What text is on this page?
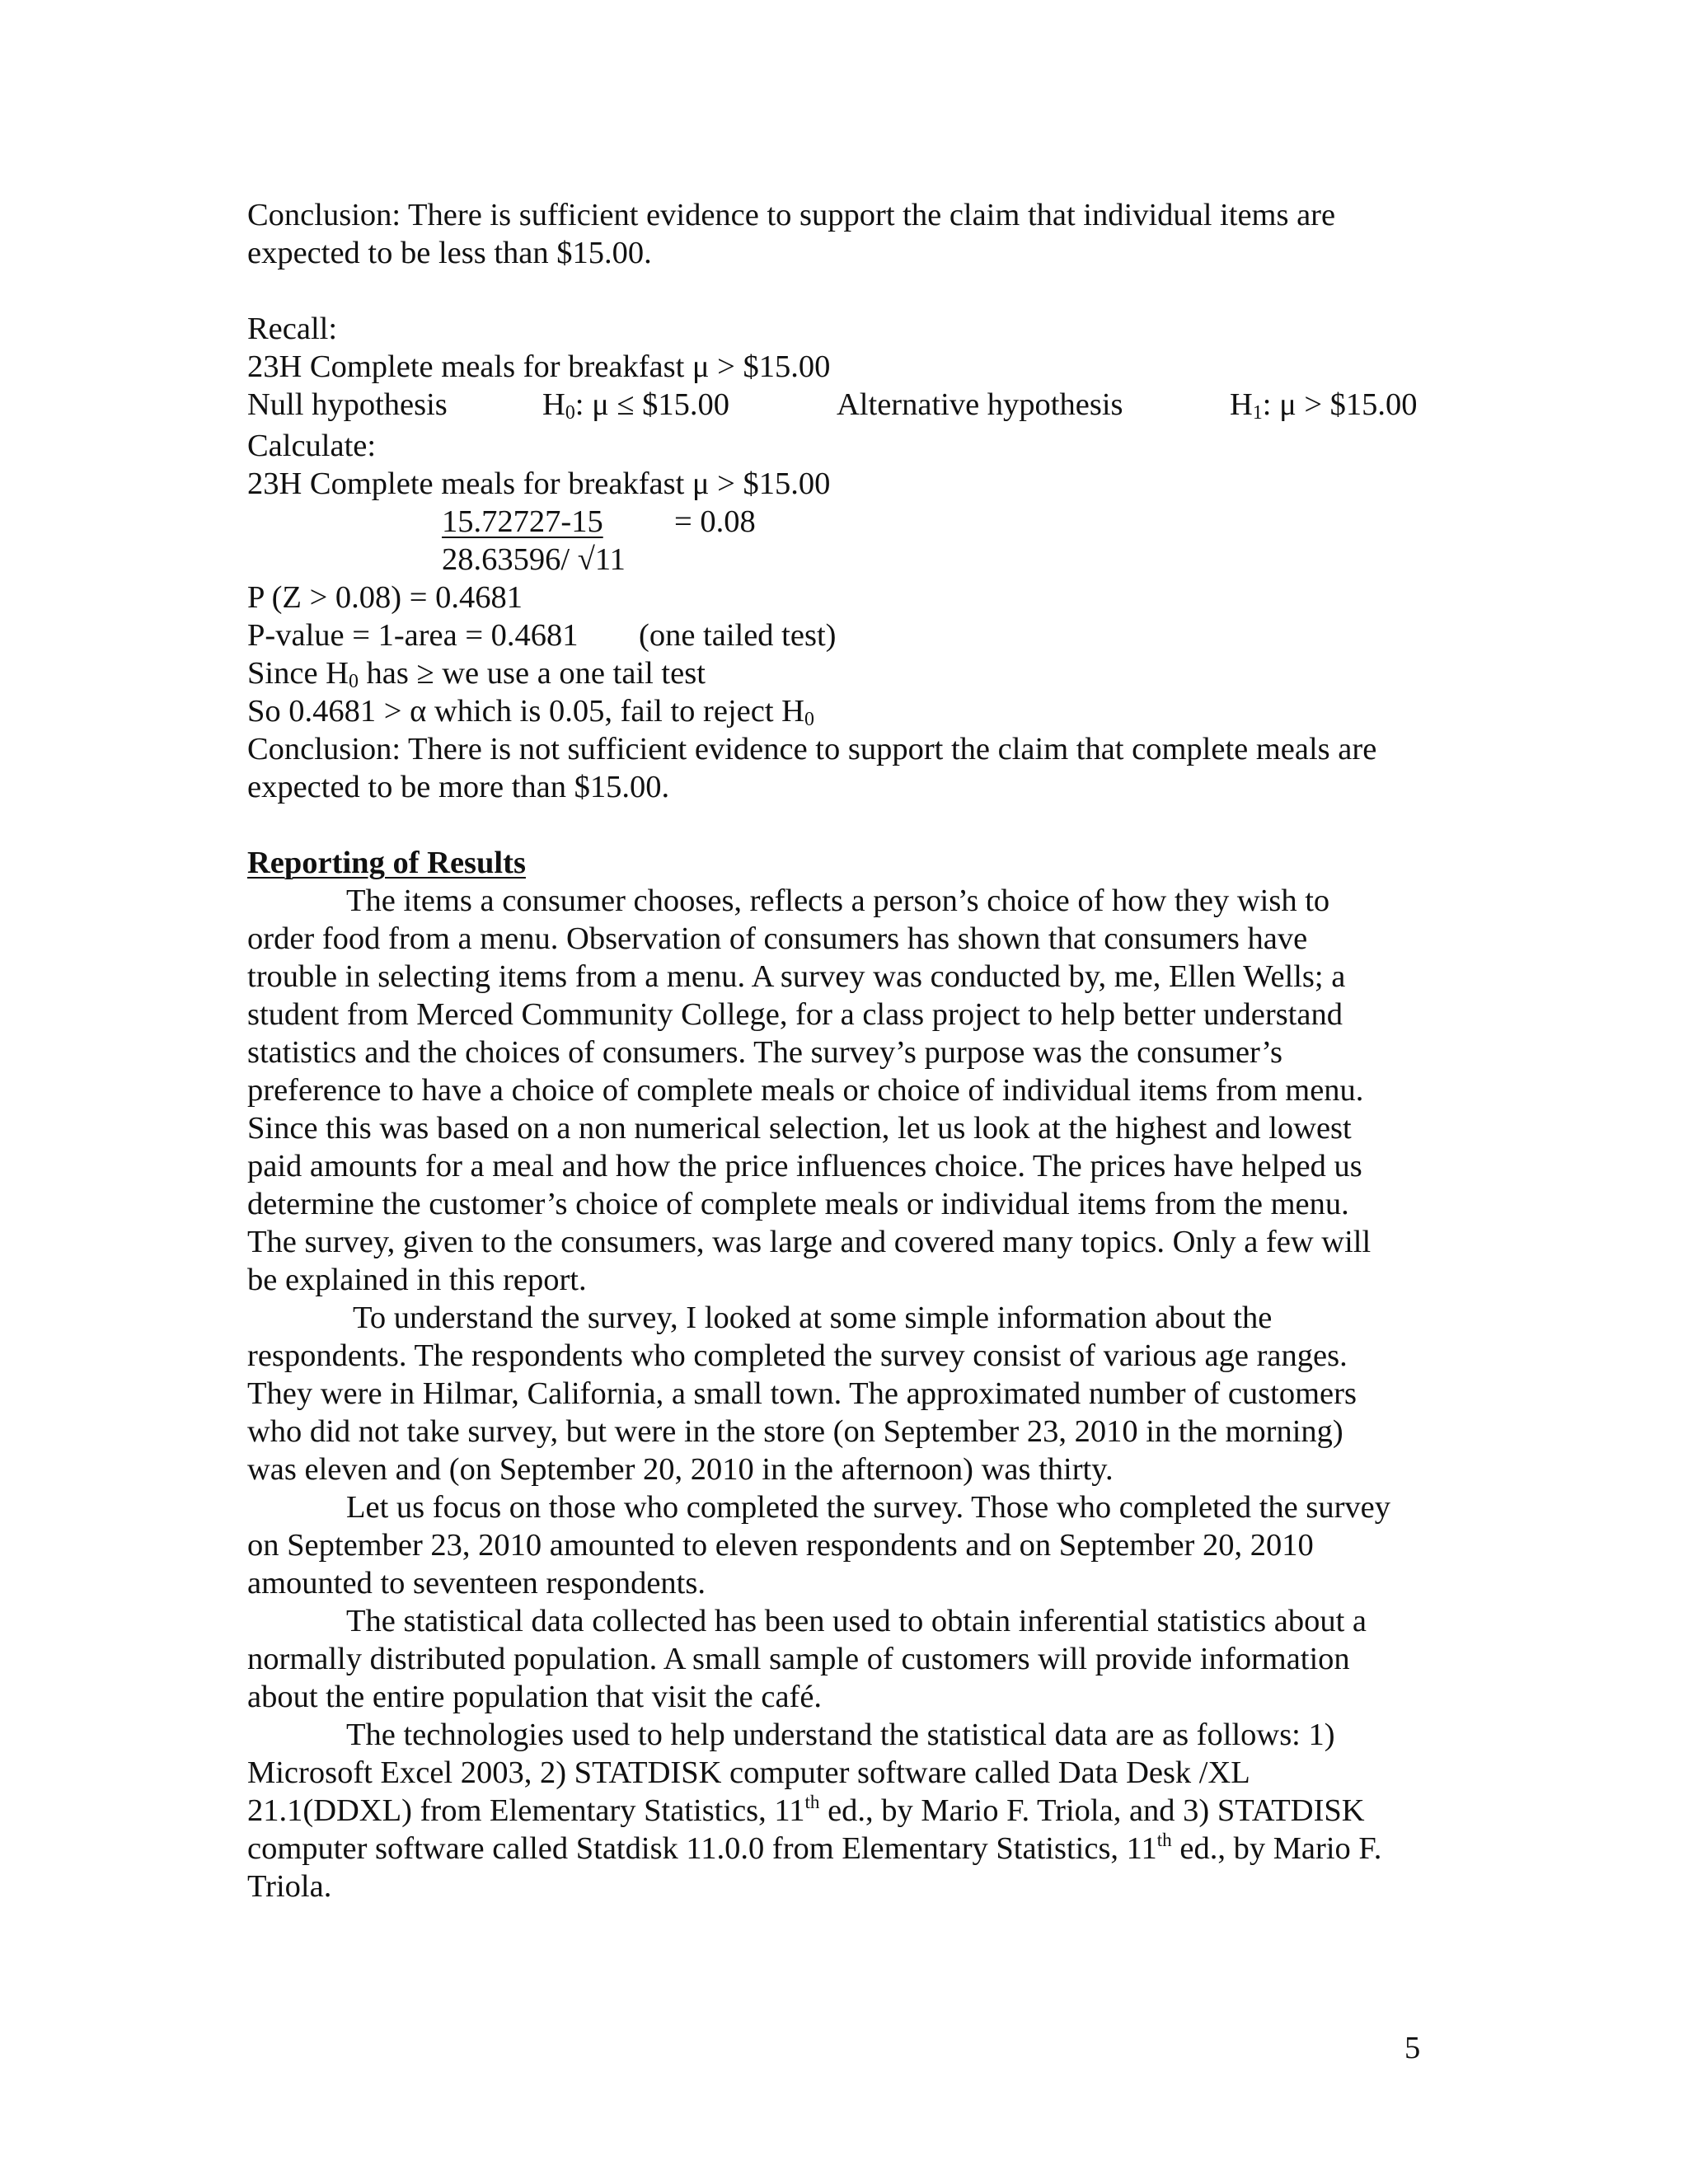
Conclusion: There is sufficient evidence to support the claim that individual items are
expected to be less than $15.00.
Recall:
23H Complete meals for breakfast μ > $15.00
Null hypothesis	$H_0$: μ ≤ $15.00	Alternative hypothesis	$H_1$: μ > $15.00
Calculate:
23H Complete meals for breakfast μ > $15.00
15.72727-15 = 0.08
28.63596/ √11
P (Z > 0.08) = 0.4681
P-value = 1-area = 0.4681 (one tailed test)
Since $H_0$ has ≥ we use a one tail test
So 0.4681 > α which is 0.05, fail to reject $H_0$
Conclusion: There is not sufficient evidence to support the claim that complete meals are
expected to be more than $15.00.
Reporting of Results
The items a consumer chooses, reflects a person’s choice of how they wish to
order food from a menu. Observation of consumers has shown that consumers have
trouble in selecting items from a menu. A survey was conducted by, me, Ellen Wells; a
student from Merced Community College, for a class project to help better understand
statistics and the choices of consumers. The survey’s purpose was the consumer’s
preference to have a choice of complete meals or choice of individual items from menu.
Since this was based on a non numerical selection, let us look at the highest and lowest
paid amounts for a meal and how the price influences choice. The prices have helped us
determine the customer’s choice of complete meals or individual items from the menu.
The survey, given to the consumers, was large and covered many topics. Only a few will
be explained in this report.
To understand the survey, I looked at some simple information about the
respondents. The respondents who completed the survey consist of various age ranges.
They were in Hilmar, California, a small town. The approximated number of customers
who did not take survey, but were in the store (on September 23, 2010 in the morning)
was eleven and (on September 20, 2010 in the afternoon) was thirty.
Let us focus on those who completed the survey. Those who completed the survey
on September 23, 2010 amounted to eleven respondents and on September 20, 2010
amounted to seventeen respondents.
The statistical data collected has been used to obtain inferential statistics about a
normally distributed population. A small sample of customers will provide information
about the entire population that visit the café.
The technologies used to help understand the statistical data are as follows: 1)
Microsoft Excel 2003, 2) STATDISK computer software called Data Desk /XL
21.1(DDXL) from Elementary Statistics, 11th ed., by Mario F. Triola, and 3) STATDISK
computer software called Statdisk 11.0.0 from Elementary Statistics, 11th ed., by Mario F.
Triola.
5
